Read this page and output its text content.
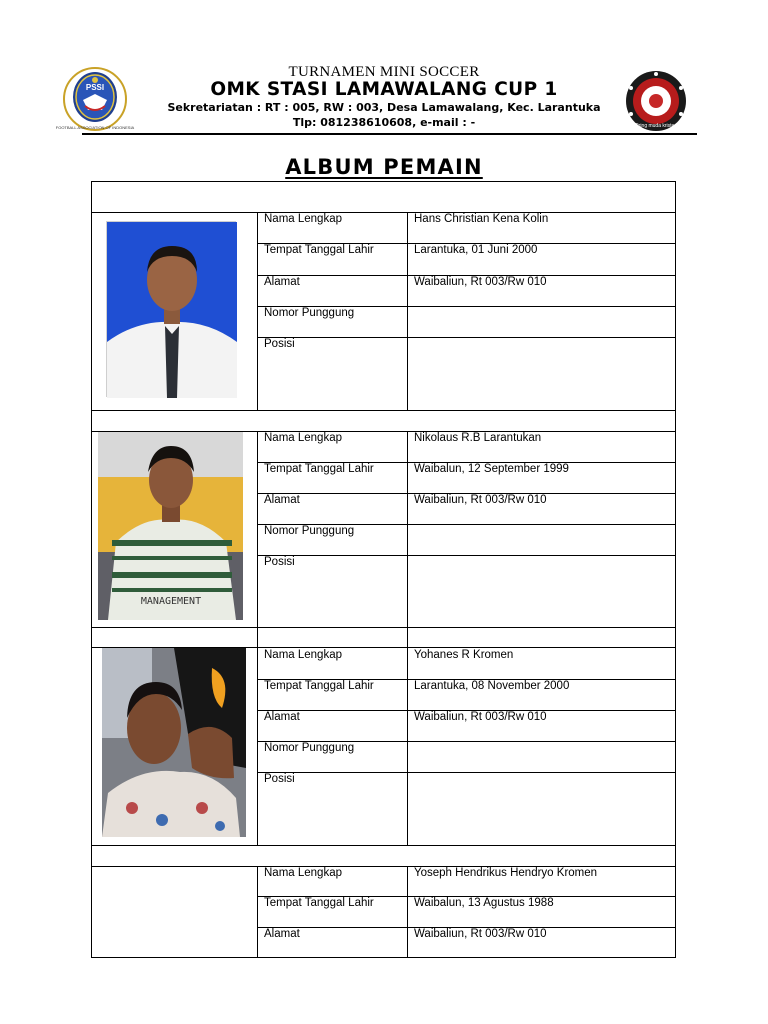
PSSI
FOOTBALL ASSOCIATION OF INDONESIA	Oring muda kristen
TURNAMEN MINI SOCCER
OMK STASI LAMAWALANG CUP 1
Sekretariatan : RT : 005, RW : 003, Desa Lamawalang, Kec. Larantuka
Tlp: 081238610608, e-mail : -
ALBUM PEMAIN
MANAGEMENT
Nama Lengkap	Hans Christian Kena Kolin
Tempat Tanggal Lahir	Larantuka, 01 Juni 2000
Alamat	Waibaliun, Rt 003/Rw 010
Nomor Punggung
Posisi
Nama Lengkap	Nikolaus R.B Larantukan
Tempat Tanggal Lahir	Waibalun, 12 September 1999
Alamat	Waibaliun, Rt 003/Rw 010
Nomor Punggung
Posisi
Nama Lengkap	Yohanes R Kromen
Tempat Tanggal Lahir	Larantuka, 08 November 2000
Alamat	Waibaliun, Rt 003/Rw 010
Nomor Punggung
Posisi
Nama Lengkap	Yoseph Hendrikus Hendryo Kromen
Tempat Tanggal Lahir	Waibalun, 13 Agustus 1988
Alamat	Waibaliun, Rt 003/Rw 010
